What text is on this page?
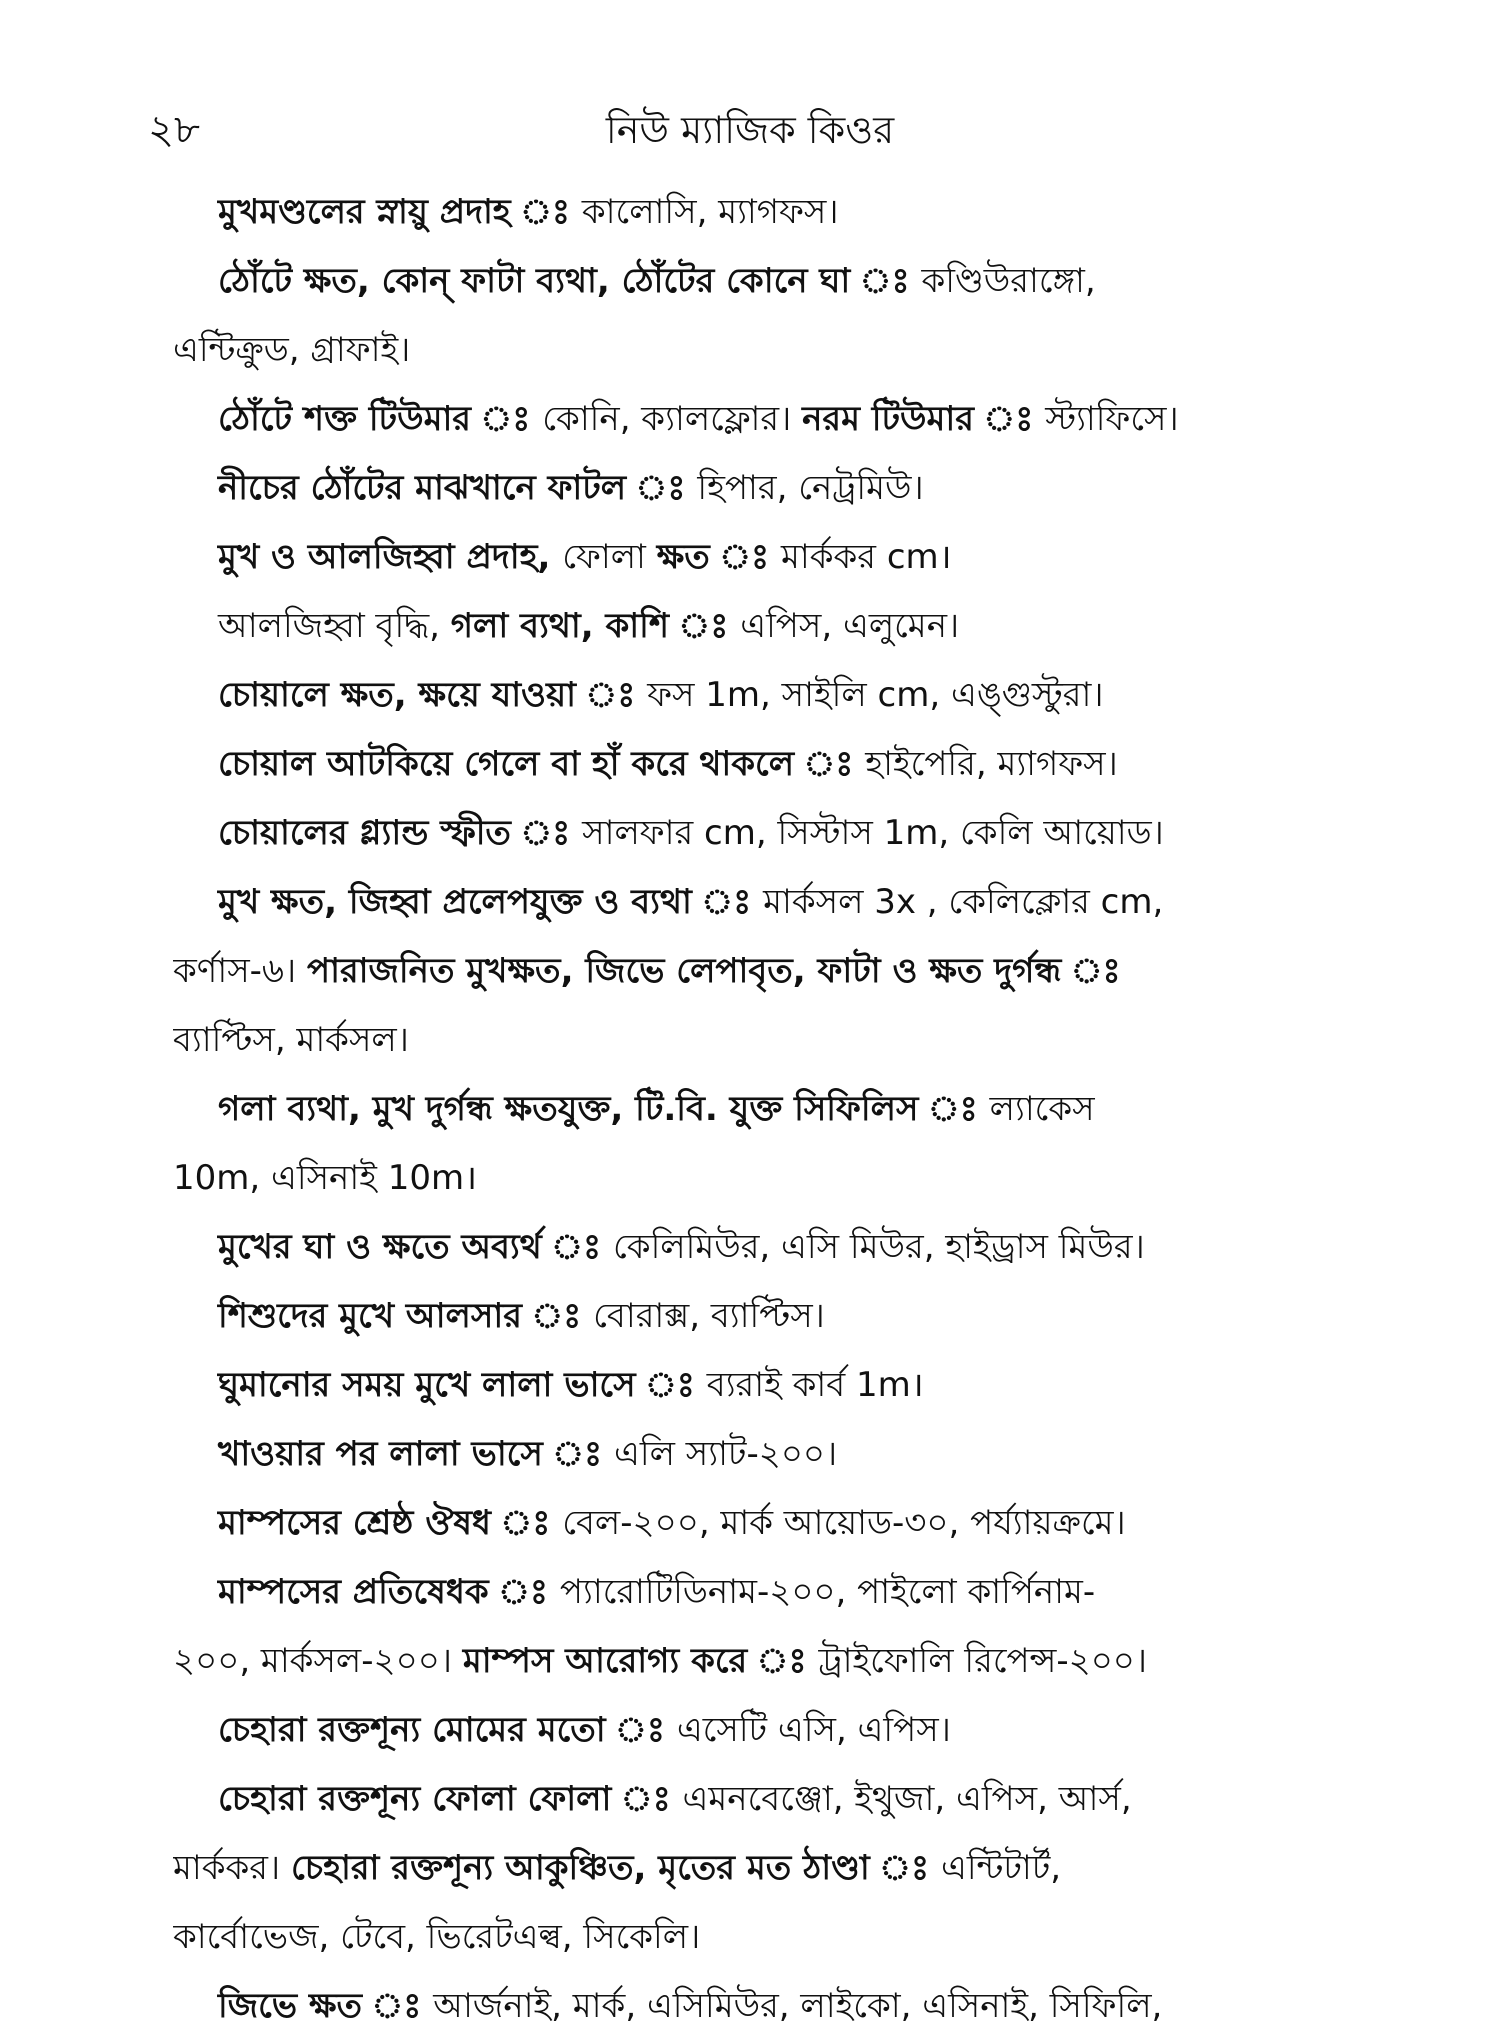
২৮	নিউ ম্যাজিক কিওর
মুখমণ্ডলের স্নায়ু প্রদাহ ঃ কালোসি, ম্যাগফস।
ঠোঁটে ক্ষত, কোন্ ফাটা ব্যথা, ঠোঁটের কোনে ঘা ঃ কণ্ডিউরাঙ্গো,
এন্টিক্রুড, গ্রাফাই।
ঠোঁটে শক্ত টিউমার ঃ কোনি, ক্যালফ্লোর। নরম টিউমার ঃ স্ট্যাফিসে।
নীচের ঠোঁটের মাঝখানে ফাটল ঃ হিপার, নেট্রমিউ।
মুখ ও আলজিহ্বা প্রদাহ, ফোলা ক্ষত ঃ মার্ককর cm।
আলজিহ্বা বৃদ্ধি, গলা ব্যথা, কাশি ঃ এপিস, এলুমেন।
চোয়ালে ক্ষত, ক্ষয়ে যাওয়া ঃ ফস 1m, সাইলি cm, এঙ্গুস্টুরা।
চোয়াল আটকিয়ে গেলে বা হাঁ করে থাকলে ঃ হাইপেরি, ম্যাগফস।
চোয়ালের গ্ল্যান্ড স্ফীত ঃ সালফার cm, সিস্টাস 1m, কেলি আয়োড।
মুখ ক্ষত, জিহ্বা প্রলেপযুক্ত ও ব্যথা ঃ মার্কসল 3x , কেলিক্লোর cm,
কর্ণাস-৬। পারাজনিত মুখক্ষত, জিভে লেপাবৃত, ফাটা ও ক্ষত দুর্গন্ধ ঃ
ব্যাপ্টিস, মার্কসল।
গলা ব্যথা, মুখ দুর্গন্ধ ক্ষতযুক্ত, টি.বি. যুক্ত সিফিলিস ঃ ল্যাকেস
10m, এসিনাই 10m।
মুখের ঘা ও ক্ষতে অব্যর্থ ঃ কেলিমিউর, এসি মিউর, হাইড্রাস মিউর।
শিশুদের মুখে আলসার ঃ বোরাক্স, ব্যাপ্টিস।
ঘুমানোর সময় মুখে লালা ভাসে ঃ ব্যরাই কার্ব 1m।
খাওয়ার পর লালা ভাসে ঃ এলি স্যাট-২০০।
মাম্পসের শ্রেষ্ঠ ঔষধ ঃ বেল-২০০, মার্ক আয়োড-৩০, পর্য্যায়ক্রমে।
মাম্পসের প্রতিষেধক ঃ প্যারোটিডিনাম-২০০, পাইলো কার্পিনাম-
২০০, মার্কসল-২০০। মাম্পস আরোগ্য করে ঃ ট্রাইফোলি রিপেন্স-২০০।
চেহারা রক্তশূন্য মোমের মতো ঃ এসেটি এসি, এপিস।
চেহারা রক্তশূন্য ফোলা ফোলা ঃ এমনবেঞ্জো, ইথুজা, এপিস, আর্স,
মার্ককর। চেহারা রক্তশূন্য আকুঞ্চিত, মৃতের মত ঠাণ্ডা ঃ এন্টিটার্ট,
কার্বোভেজ, টেবে, ভিরেটএল্ব, সিকেলি।
জিভে ক্ষত ঃ আর্জনাই, মার্ক, এসিমিউর, লাইকো, এসিনাই, সিফিলি,
